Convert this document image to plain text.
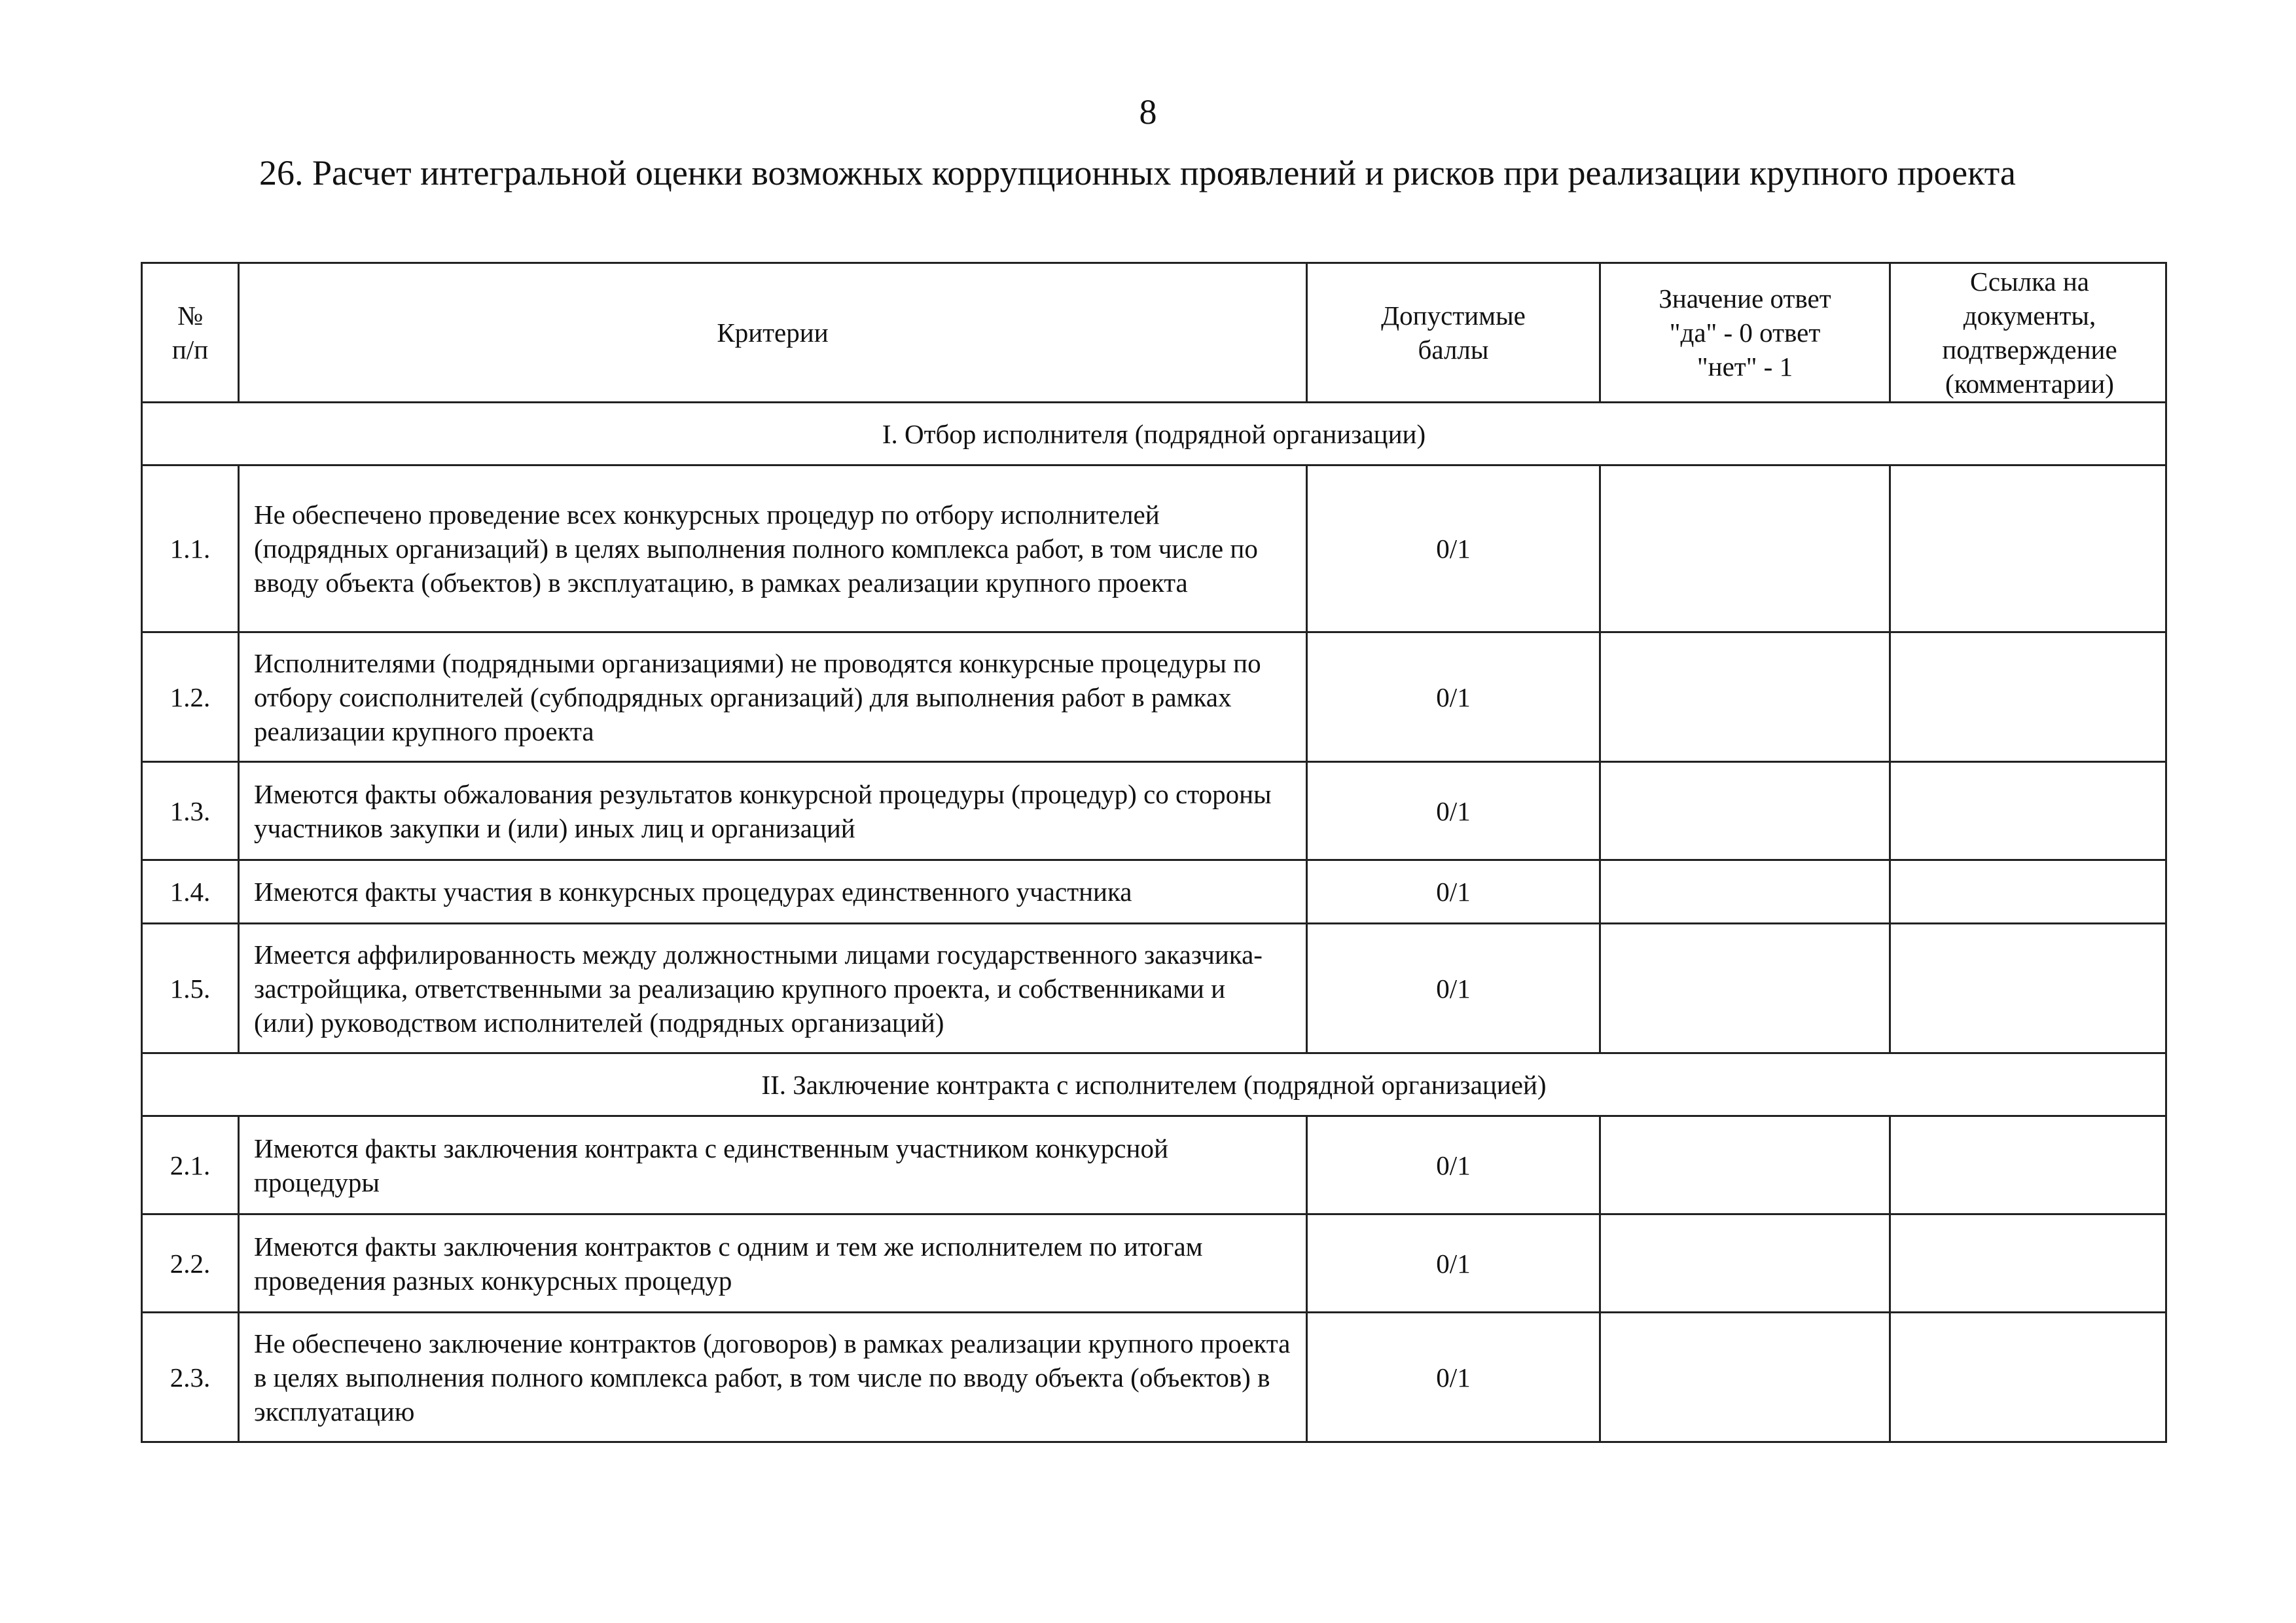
8
26. Расчет интегральной оценки возможных коррупционных проявлений и рисков при реализации крупного проекта
№ п/п	Критерии	Допустимые баллы	Значение ответ "да" - 0 ответ "нет" - 1	Ссылка на документы, подтверждение (комментарии)

I. Отбор исполнителя (подрядной организации)				
1.1.	Не обеспечено проведение всех конкурсных процедур по отбору исполнителей (подрядных организаций) в целях выполнения полного комплекса работ, в том числе по вводу объекта (объектов) в эксплуатацию, в рамках реализации крупного проекта	0/1		
1.2.	Исполнителями (подрядными организациями) не проводятся конкурсные процедуры по отбору соисполнителей (субподрядных организаций) для выполнения работ в рамках реализации крупного проекта	0/1		
1.3.	Имеются факты обжалования результатов конкурсной процедуры (процедур) со стороны участников закупки и (или) иных лиц и организаций	0/1		
1.4.	Имеются факты участия в конкурсных процедурах единственного участника	0/1		
1.5.	Имеется аффилированность между должностными лицами государственного заказчика-застройщика, ответственными за реализацию крупного проекта, и собственниками и (или) руководством исполнителей (подрядных организаций)	0/1		
II. Заключение контракта с исполнителем (подрядной организацией)				
2.1.	Имеются факты заключения контракта с единственным участником конкурсной процедуры	0/1		
2.2.	Имеются факты заключения контрактов с одним и тем же исполнителем по итогам проведения разных конкурсных процедур	0/1		
2.3.	Не обеспечено заключение контрактов (договоров) в рамках реализации крупного проекта в целях выполнения полного комплекса работ, в том числе по вводу объекта (объектов) в эксплуатацию	0/1		
